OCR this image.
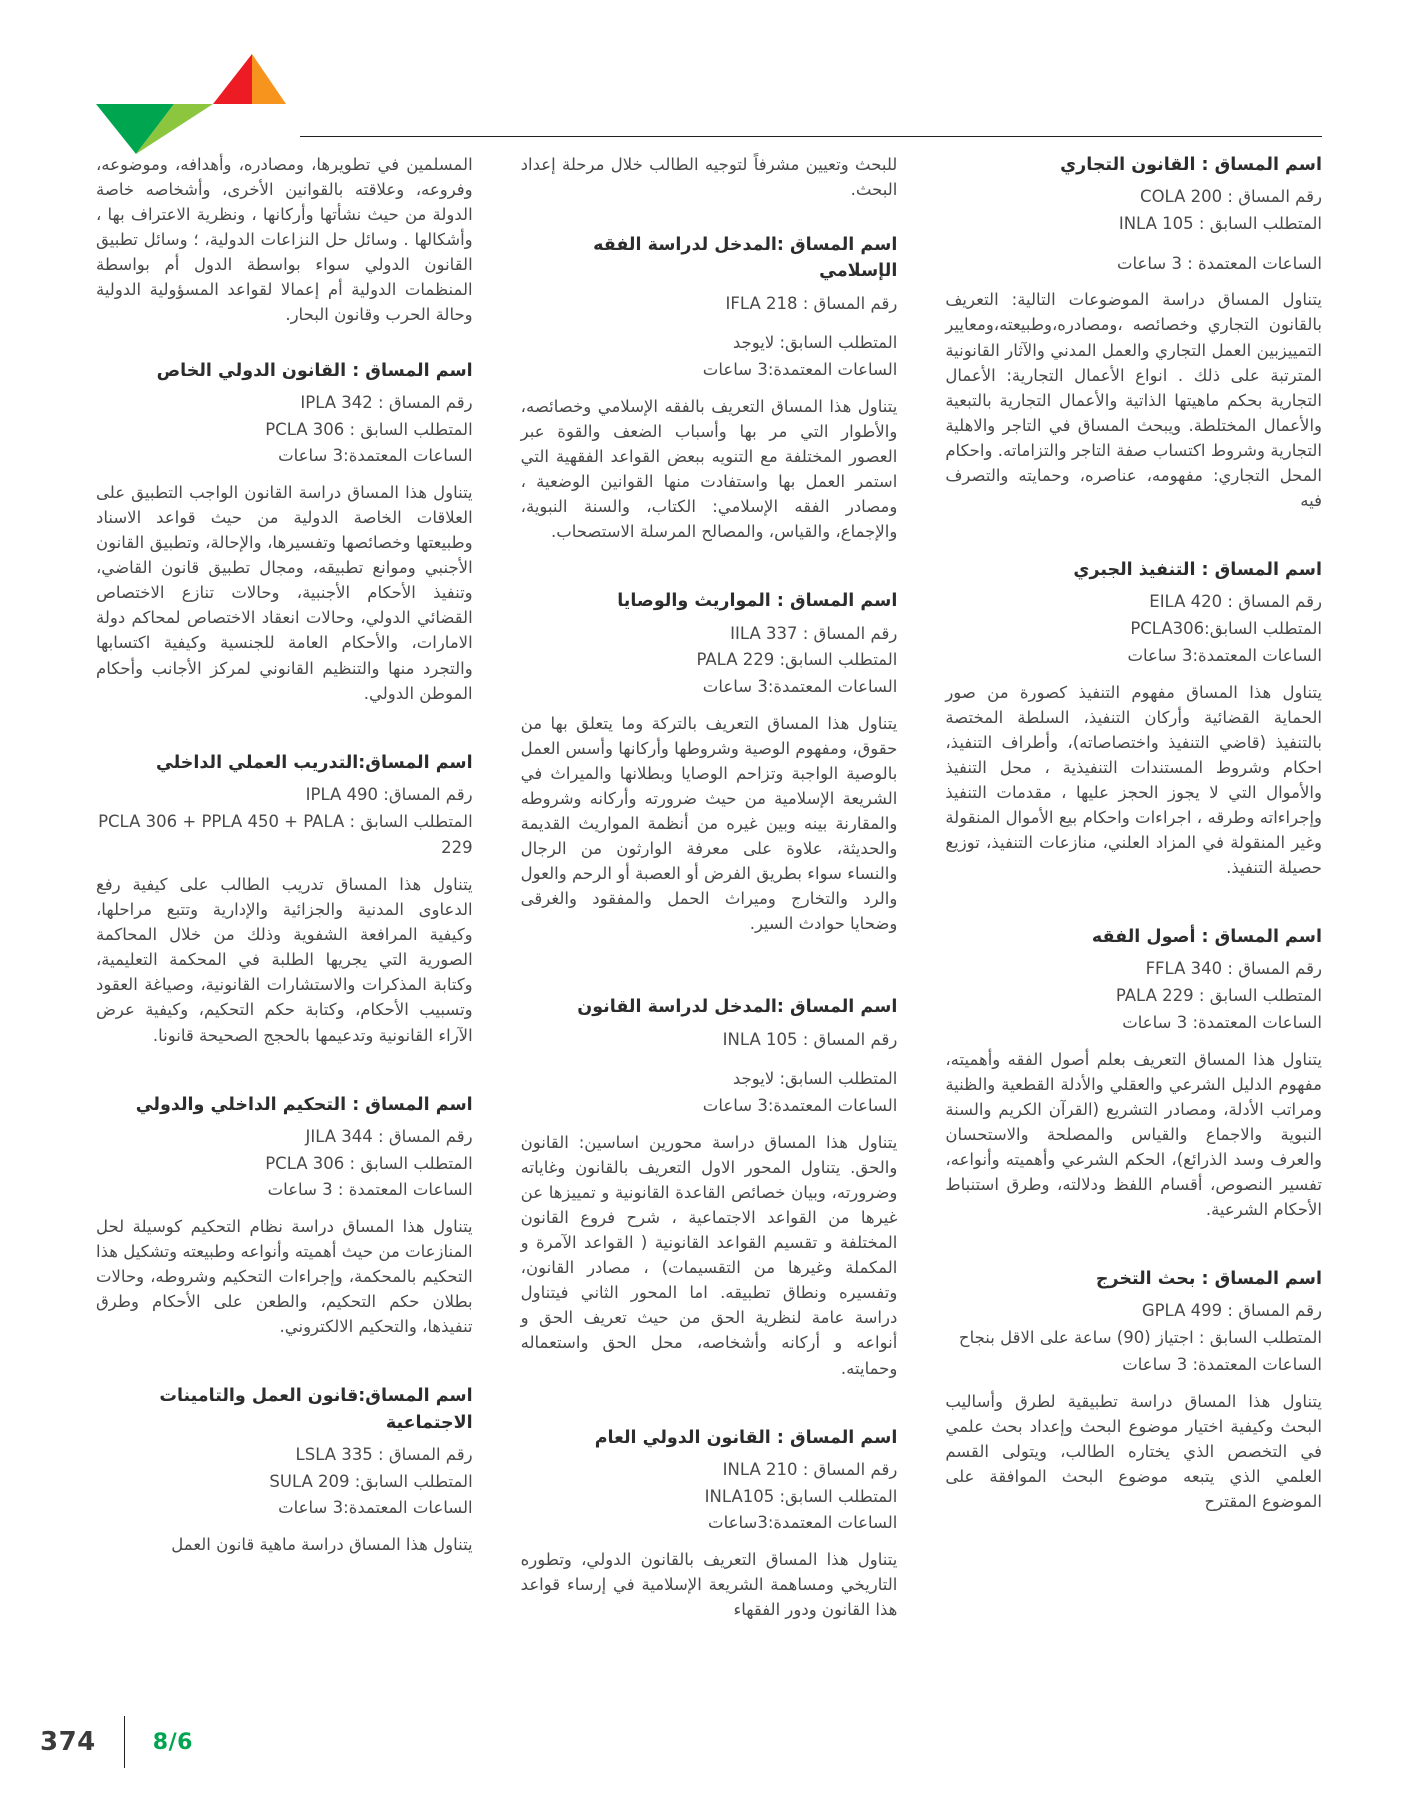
اسم المساق : القانون التجاري
رقم المساق : COLA 200
المتطلب السابق : INLA 105
الساعات المعتمدة : 3 ساعات
يتناول المساق دراسة الموضوعات التالية: التعريف بالقانون التجاري وخصائصه ،ومصادره،وطبيعته،ومعايير التمييزبين العمل التجاري والعمل المدني والآثار القانونية المترتبة على ذلك . انواع الأعمال التجارية: الأعمال التجارية بحكم ماهيتها الذاتية والأعمال التجارية بالتبعية والأعمال المختلطة. ويبحث المساق في التاجر والاهلية التجارية وشروط اكتساب صفة التاجر والتزاماته. واحكام المحل التجاري: مفهومه، عناصره، وحمايته والتصرف فيه
اسم المساق : التنفيذ الجبري
رقم المساق : EILA 420
المتطلب السابق:PCLA306
الساعات المعتمدة:3 ساعات
يتناول هذا المساق مفهوم التنفيذ كصورة من صور الحماية القضائية وأركان التنفيذ، السلطة المختصة بالتنفيذ (قاضي التنفيذ واختصاصاته)، وأطراف التنفيذ، احكام وشروط المستندات التنفيذية ، محل التنفيذ والأموال التي لا يجوز الحجز عليها ، مقدمات التنفيذ وإجراءاته وطرقه ، اجراءات واحكام بيع الأموال المنقولة وغير المنقولة في المزاد العلني، منازعات التنفيذ، توزيع حصيلة التنفيذ.
اسم المساق : أصول الفقه
رقم المساق : FFLA 340
المتطلب السابق : PALA 229
الساعات المعتمدة: 3 ساعات
يتناول هذا المساق التعريف بعلم أصول الفقه وأهميته، مفهوم الدليل الشرعي والعقلي والأدلة القطعية والظنية ومراتب الأدلة، ومصادر التشريع (القرآن الكريم والسنة النبوية والاجماع والقياس والمصلحة والاستحسان والعرف وسد الذرائع)، الحكم الشرعي وأهميته وأنواعه، تفسير النصوص، أقسام اللفظ ودلالته، وطرق استنباط الأحكام الشرعية.
اسم المساق : بحث التخرج
رقم المساق : GPLA 499
المتطلب السابق : اجتياز (90) ساعة على الاقل بنجاح
الساعات المعتمدة: 3 ساعات
يتناول هذا المساق دراسة تطبيقية لطرق وأساليب البحث وكيفية اختيار موضوع البحث وإعداد بحث علمي في التخصص الذي يختاره الطالب، ويتولى القسم العلمي الذي يتبعه موضوع البحث الموافقة على الموضوع المقترح
للبحث وتعيين مشرفاً لتوجيه الطالب خلال مرحلة إعداد البحث.
اسم المساق :المدخل لدراسة الفقه الإسلامي
رقم المساق : IFLA 218
المتطلب السابق: لايوجد
الساعات المعتمدة:3 ساعات
يتناول هذا المساق التعريف بالفقه الإسلامي وخصائصه، والأطوار التي مر بها وأسباب الضعف والقوة عبر العصور المختلفة مع التنويه ببعض القواعد الفقهية التي استمر العمل بها واستفادت منها القوانين الوضعية ، ومصادر الفقه الإسلامي: الكتاب، والسنة النبوية، والإجماع، والقياس، والمصالح المرسلة الاستصحاب.
اسم المساق : المواريث والوصايا
رقم المساق : IILA 337
المتطلب السابق: PALA 229
الساعات المعتمدة:3 ساعات
يتناول هذا المساق التعريف بالتركة وما يتعلق بها من حقوق، ومفهوم الوصية وشروطها وأركانها وأسس العمل بالوصية الواجبة وتزاحم الوصايا وبطلانها والميراث في الشريعة الإسلامية من حيث ضرورته وأركانه وشروطه والمقارنة بينه وبين غيره من أنظمة المواريث القديمة والحديثة، علاوة على معرفة الوارثون من الرجال والنساء سواء بطريق الفرض أو العصبة أو الرحم والعول والرد والتخارج وميراث الحمل والمفقود والغرقى وضحايا حوادث السير.
اسم المساق :المدخل لدراسة القانون
رقم المساق : INLA 105
المتطلب السابق: لايوجد
الساعات المعتمدة:3 ساعات
يتناول هذا المساق دراسة محورين اساسين: القانون والحق. يتناول المحور الاول التعريف بالقانون وغاياته وضرورته، وبيان خصائص القاعدة القانونية و تمييزها عن غيرها من القواعد الاجتماعية ، شرح فروع القانون المختلفة و تقسيم القواعد القانونية ( القواعد الآمرة و المكملة وغيرها من التقسيمات) ، مصادر القانون، وتفسيره ونطاق تطبيقه. اما المحور الثاني فيتناول دراسة عامة لنظرية الحق من حيث تعريف الحق و أنواعه و أركانه وأشخاصه، محل الحق واستعماله وحمايته.
اسم المساق : القانون الدولي العام
رقم المساق : INLA 210
المتطلب السابق: INLA105
الساعات المعتمدة:3ساعات
يتناول هذا المساق التعريف بالقانون الدولي، وتطوره التاريخي ومساهمة الشريعة الإسلامية في إرساء قواعد هذا القانون ودور الفقهاء
المسلمين في تطويرها، ومصادره، وأهدافه، وموضوعه، وفروعه، وعلاقته بالقوانين الأخرى، وأشخاصه خاصة الدولة من حيث نشأتها وأركانها ، ونظرية الاعتراف بها ، وأشكالها . وسائل حل النزاعات الدولية، ؛ وسائل تطبيق القانون الدولي سواء بواسطة الدول أم بواسطة المنظمات الدولية أم إعمالا لقواعد المسؤولية الدولية وحالة الحرب وقانون البحار.
اسم المساق : القانون الدولي الخاص
رقم المساق : IPLA 342
المتطلب السابق : PCLA 306
الساعات المعتمدة:3 ساعات
يتناول هذا المساق دراسة القانون الواجب التطبيق على العلاقات الخاصة الدولية من حيث قواعد الاسناد وطبيعتها وخصائصها وتفسيرها، والإحالة، وتطبيق القانون الأجنبي وموانع تطبيقه، ومجال تطبيق قانون القاضي، وتنفيذ الأحكام الأجنبية، وحالات تنازع الاختصاص القضائي الدولي، وحالات انعقاد الاختصاص لمحاكم دولة الامارات، والأحكام العامة للجنسية وكيفية اكتسابها والتجرد منها والتنظيم القانوني لمركز الأجانب وأحكام الموطن الدولي.
اسم المساق:التدريب العملي الداخلي
رقم المساق: IPLA 490
المتطلب السابق : PCLA 306 + PPLA 450 + PALA 229
يتناول هذا المساق تدريب الطالب على كيفية رفع الدعاوى المدنية والجزائية والإدارية وتتبع مراحلها، وكيفية المرافعة الشفوية وذلك من خلال المحاكمة الصورية التي يجريها الطلبة في المحكمة التعليمية، وكتابة المذكرات والاستشارات القانونية، وصياغة العقود وتسبيب الأحكام، وكتابة حكم التحكيم، وكيفية عرض الآراء القانونية وتدعيمها بالحجج الصحيحة قانونا.
اسم المساق : التحكيم الداخلي والدولي
رقم المساق : JILA 344
المتطلب السابق : PCLA 306
الساعات المعتمدة : 3 ساعات
يتناول هذا المساق دراسة نظام التحكيم كوسيلة لحل المنازعات من حيث أهميته وأنواعه وطبيعته وتشكيل هذا التحكيم بالمحكمة، وإجراءات التحكيم وشروطه، وحالات بطلان حكم التحكيم، والطعن على الأحكام وطرق تنفيذها، والتحكيم الالكتروني.
اسم المساق:قانون العمل والتامينات الاجتماعية
رقم المساق : LSLA 335
المتطلب السابق: SULA 209
الساعات المعتمدة:3 ساعات
يتناول هذا المساق دراسة ماهية قانون العمل
374	8/6
